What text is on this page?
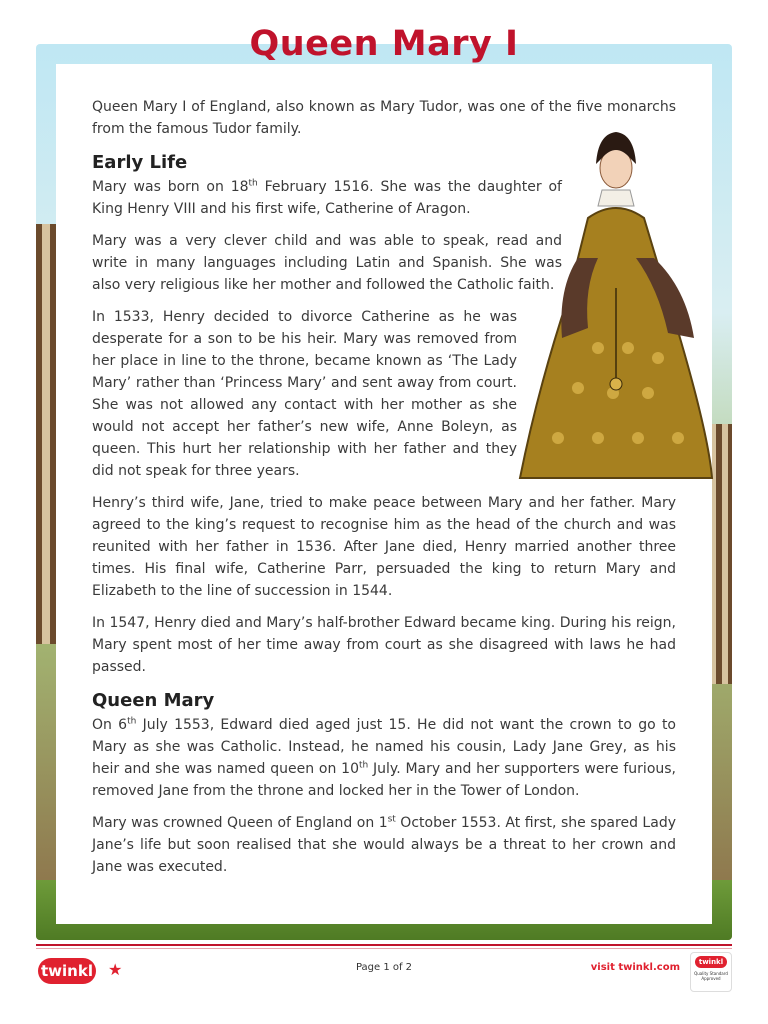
Queen Mary I

Queen Mary I of England, also known as Mary Tudor, was one of the five monarchs from the famous Tudor family.

Early Life

Mary was born on 18th February 1516. She was the daughter of King Henry VIII and his first wife, Catherine of Aragon.

Mary was a very clever child and was able to speak, read and write in many languages including Latin and Spanish. She was also very religious like her mother and followed the Catholic faith.

In 1533, Henry decided to divorce Catherine as he was desperate for a son to be his heir. Mary was removed from her place in line to the throne, became known as ‘The Lady Mary’ rather than ‘Princess Mary’ and sent away from court. She was not allowed any contact with her mother as she would not accept her father’s new wife, Anne Boleyn, as queen. This hurt her relationship with her father and they did not speak for three years.

Henry’s third wife, Jane, tried to make peace between Mary and her father. Mary agreed to the king’s request to recognise him as the head of the church and was reunited with her father in 1536. After Jane died, Henry married another three times. His final wife, Catherine Parr, persuaded the king to return Mary and Elizabeth to the line of succession in 1544.

In 1547, Henry died and Mary’s half-brother Edward became king. During his reign, Mary spent most of her time away from court as she disagreed with laws he had passed.

Queen Mary

On 6th July 1553, Edward died aged just 15. He did not want the crown to go to Mary as she was Catholic. Instead, he named his cousin, Lady Jane Grey, as his heir and she was named queen on 10th July. Mary and her supporters were furious, removed Jane from the throne and locked her in the Tower of London.

Mary was crowned Queen of England on 1st October 1553. At first, she spared Lady Jane’s life but soon realised that she would always be a threat to her crown and Jane was executed.

twinkl ★	Page 1 of 2	visit twinkl.com	twinkl
Quality Standard Approved
